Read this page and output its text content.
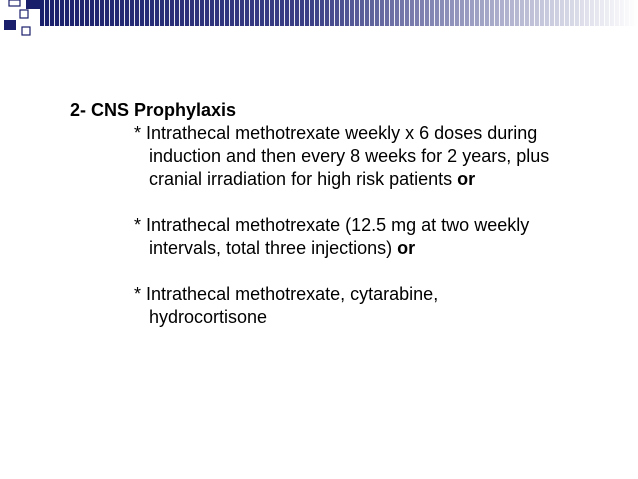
2- CNS Prophylaxis

* Intrathecal methotrexate weekly x 6 doses during
induction and then every 8 weeks for 2 years, plus
cranial irradiation for high risk patients or
* Intrathecal methotrexate (12.5 mg at two weekly
intervals, total three injections) or
* Intrathecal methotrexate, cytarabine,
hydrocortisone
